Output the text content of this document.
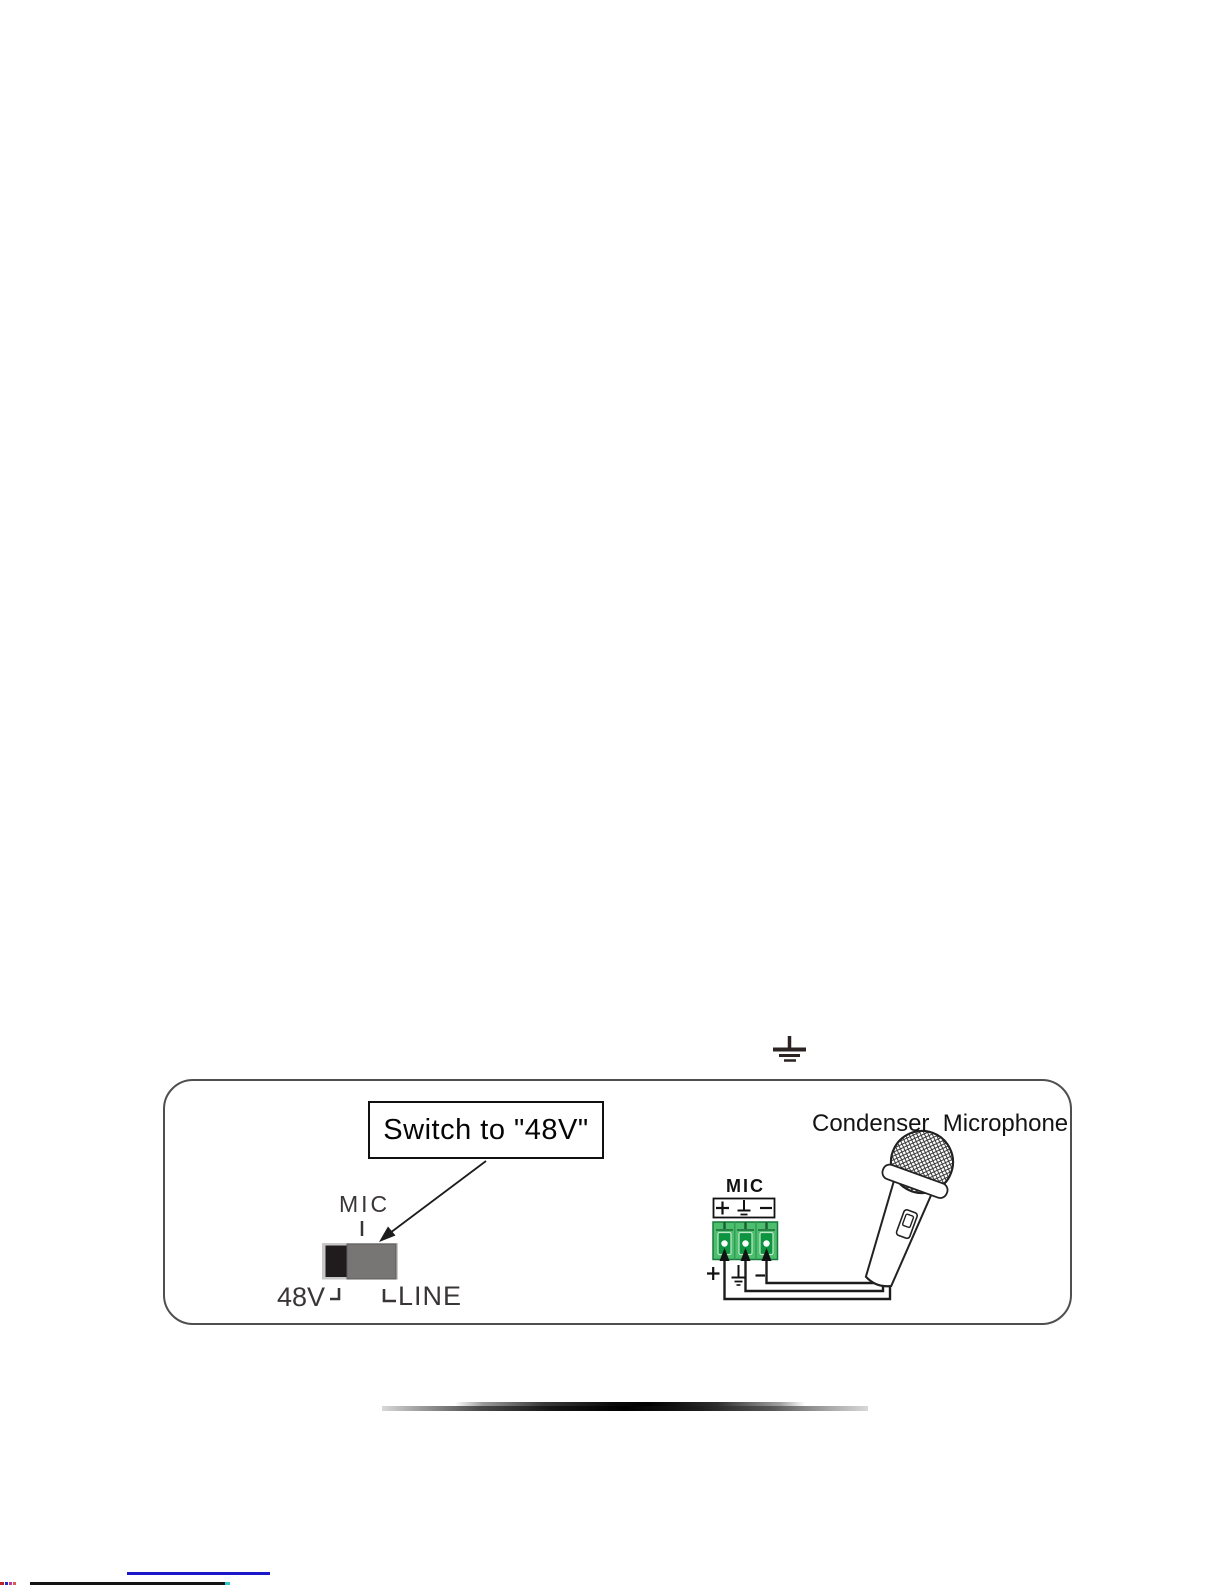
Switch to "48V"
MIC
48V	LINE
MIC
Condenser  Microphone
